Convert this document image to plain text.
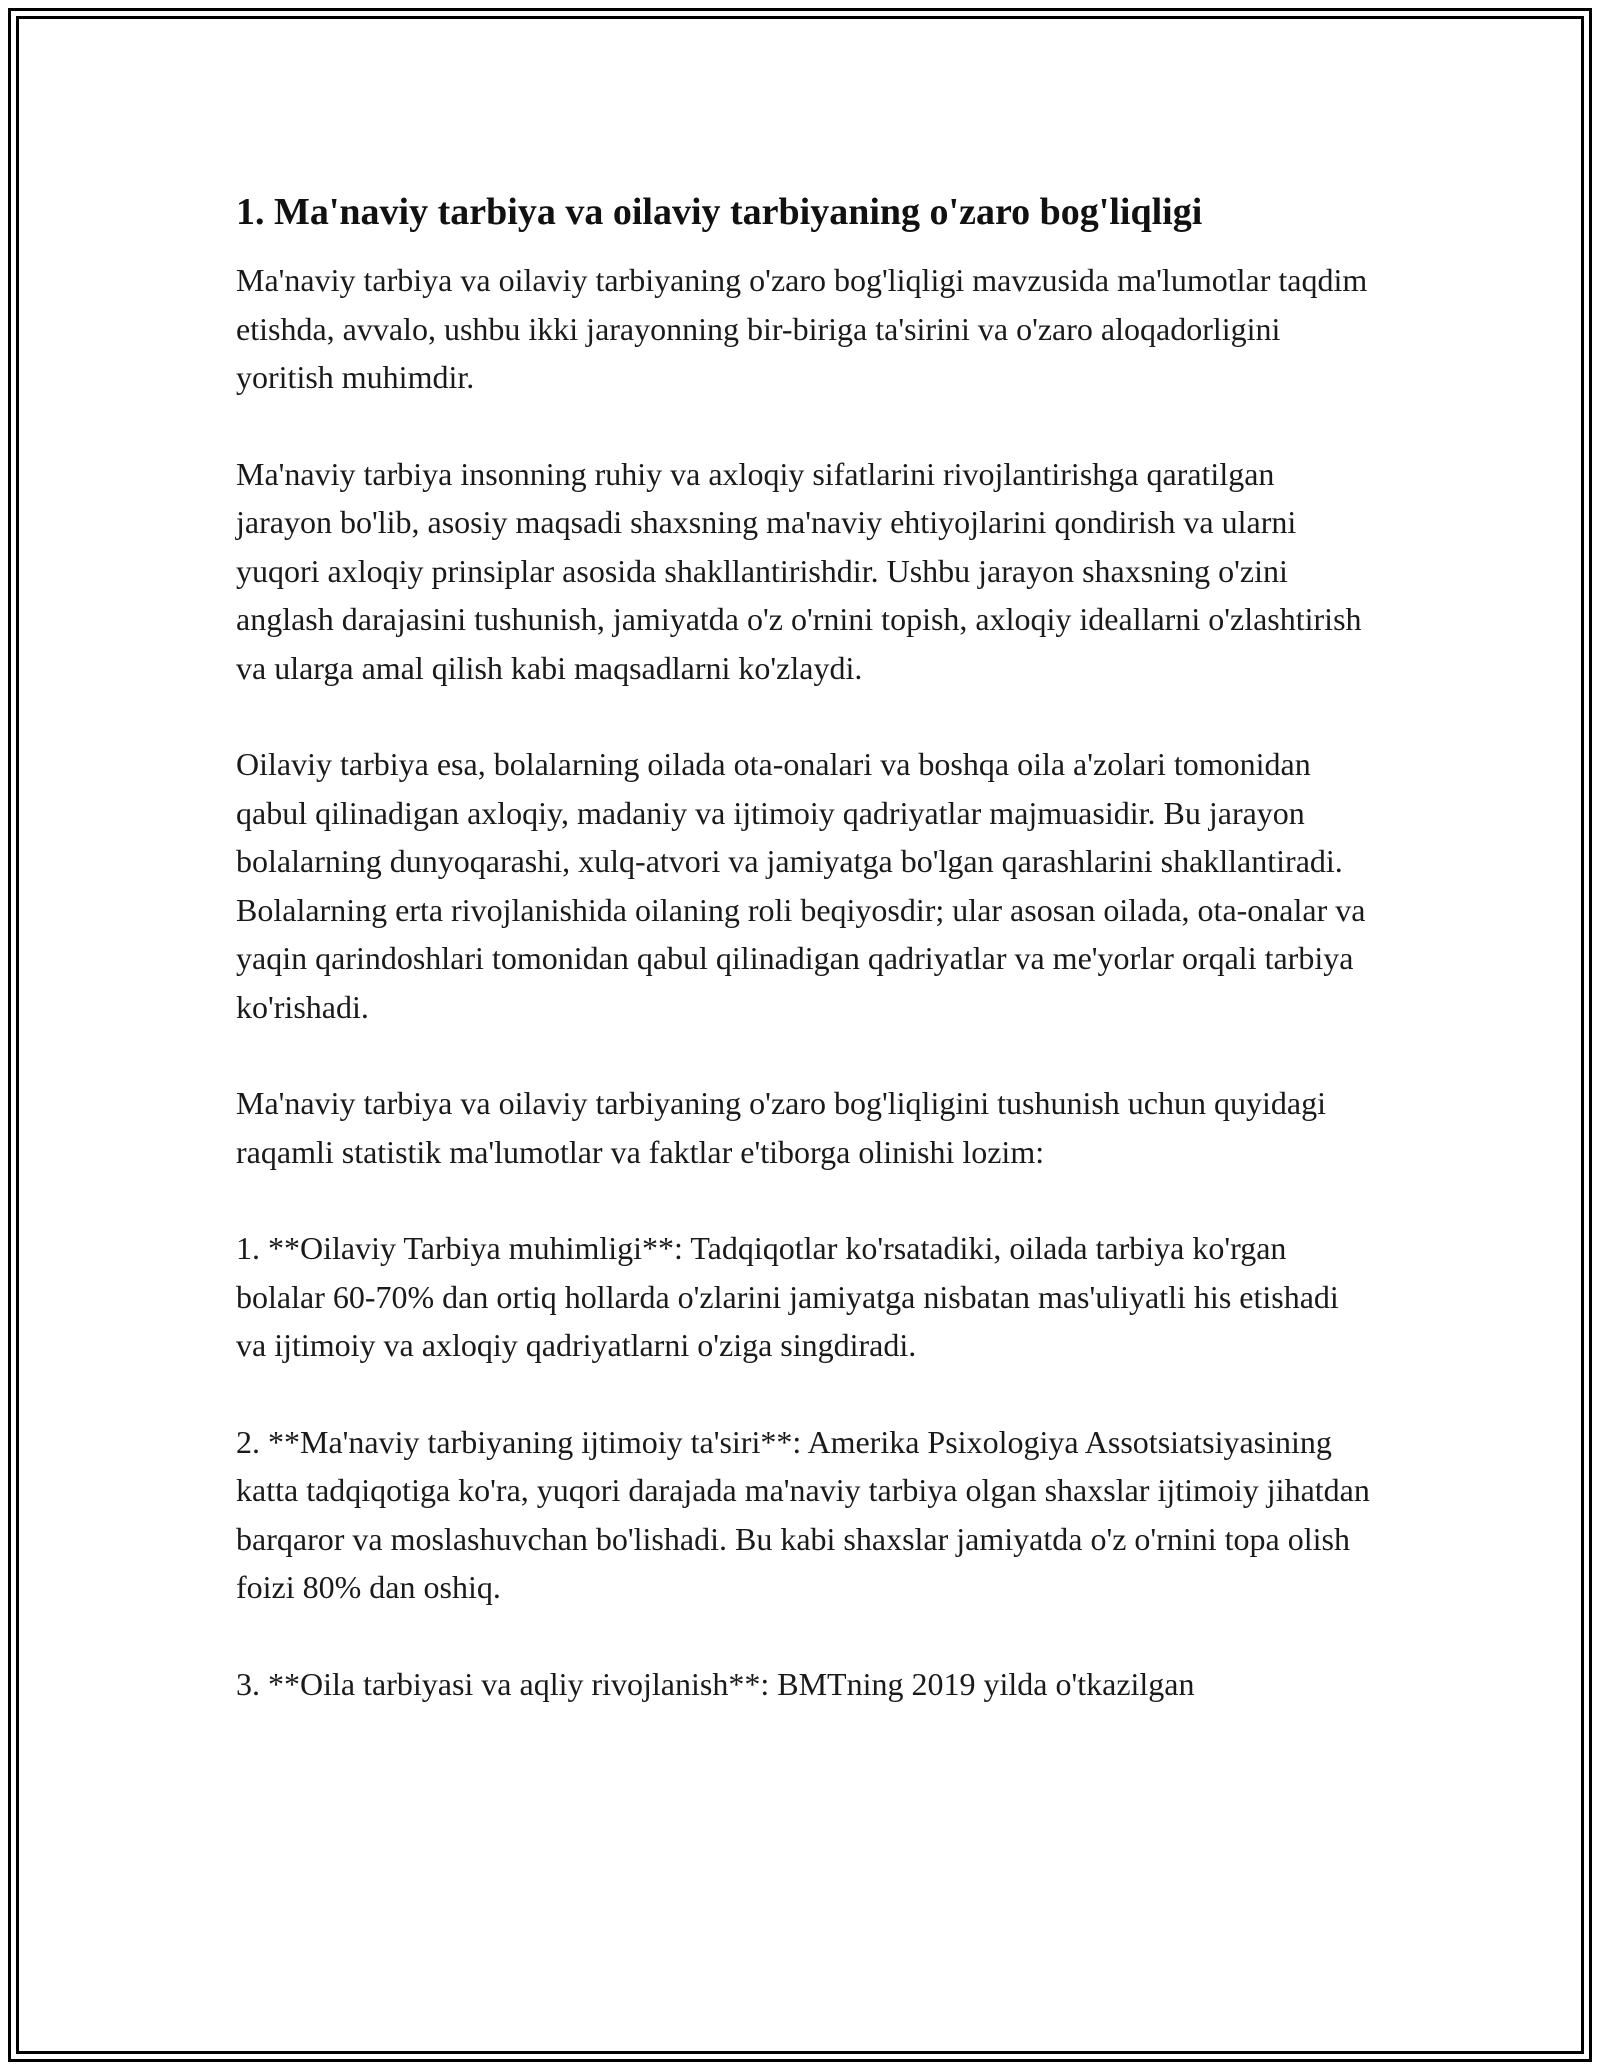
1. Ma'naviy tarbiya va oilaviy tarbiyaning o'zaro bog'liqligi

Ma'naviy tarbiya va oilaviy tarbiyaning o'zaro bog'liqligi mavzusida ma'lumotlar taqdim etishda, avvalo, ushbu ikki jarayonning bir-biriga ta'sirini va o'zaro aloqadorligini yoritish muhimdir.

Ma'naviy tarbiya insonning ruhiy va axloqiy sifatlarini rivojlantirishga qaratilgan jarayon bo'lib, asosiy maqsadi shaxsning ma'naviy ehtiyojlarini qondirish va ularni yuqori axloqiy prinsiplar asosida shakllantirishdir. Ushbu jarayon shaxsning o'zini anglash darajasini tushunish, jamiyatda o'z o'rnini topish, axloqiy ideallarni o'zlashtirish va ularga amal qilish kabi maqsadlarni ko'zlaydi.

Oilaviy tarbiya esa, bolalarning oilada ota-onalari va boshqa oila a'zolari tomonidan qabul qilinadigan axloqiy, madaniy va ijtimoiy qadriyatlar majmuasidir. Bu jarayon bolalarning dunyoqarashi, xulq-atvori va jamiyatga bo'lgan qarashlarini shakllantiradi. Bolalarning erta rivojlanishida oilaning roli beqiyosdir; ular asosan oilada, ota-onalar va yaqin qarindoshlari tomonidan qabul qilinadigan qadriyatlar va me'yorlar orqali tarbiya ko'rishadi.

Ma'naviy tarbiya va oilaviy tarbiyaning o'zaro bog'liqligini tushunish uchun quyidagi raqamli statistik ma'lumotlar va faktlar e'tiborga olinishi lozim:

1. **Oilaviy Tarbiya muhimligi**: Tadqiqotlar ko'rsatadiki, oilada tarbiya ko'rgan bolalar 60-70% dan ortiq hollarda o'zlarini jamiyatga nisbatan mas'uliyatli his etishadi va ijtimoiy va axloqiy qadriyatlarni o'ziga singdiradi.

2. **Ma'naviy tarbiyaning ijtimoiy ta'siri**: Amerika Psixologiya Assotsiatsiyasining katta tadqiqotiga ko'ra, yuqori darajada ma'naviy tarbiya olgan shaxslar ijtimoiy jihatdan barqaror va moslashuvchan bo'lishadi. Bu kabi shaxslar jamiyatda o'z o'rnini topa olish foizi 80% dan oshiq.

3. **Oila tarbiyasi va aqliy rivojlanish**: BMTning 2019 yilda o'tkazilgan
